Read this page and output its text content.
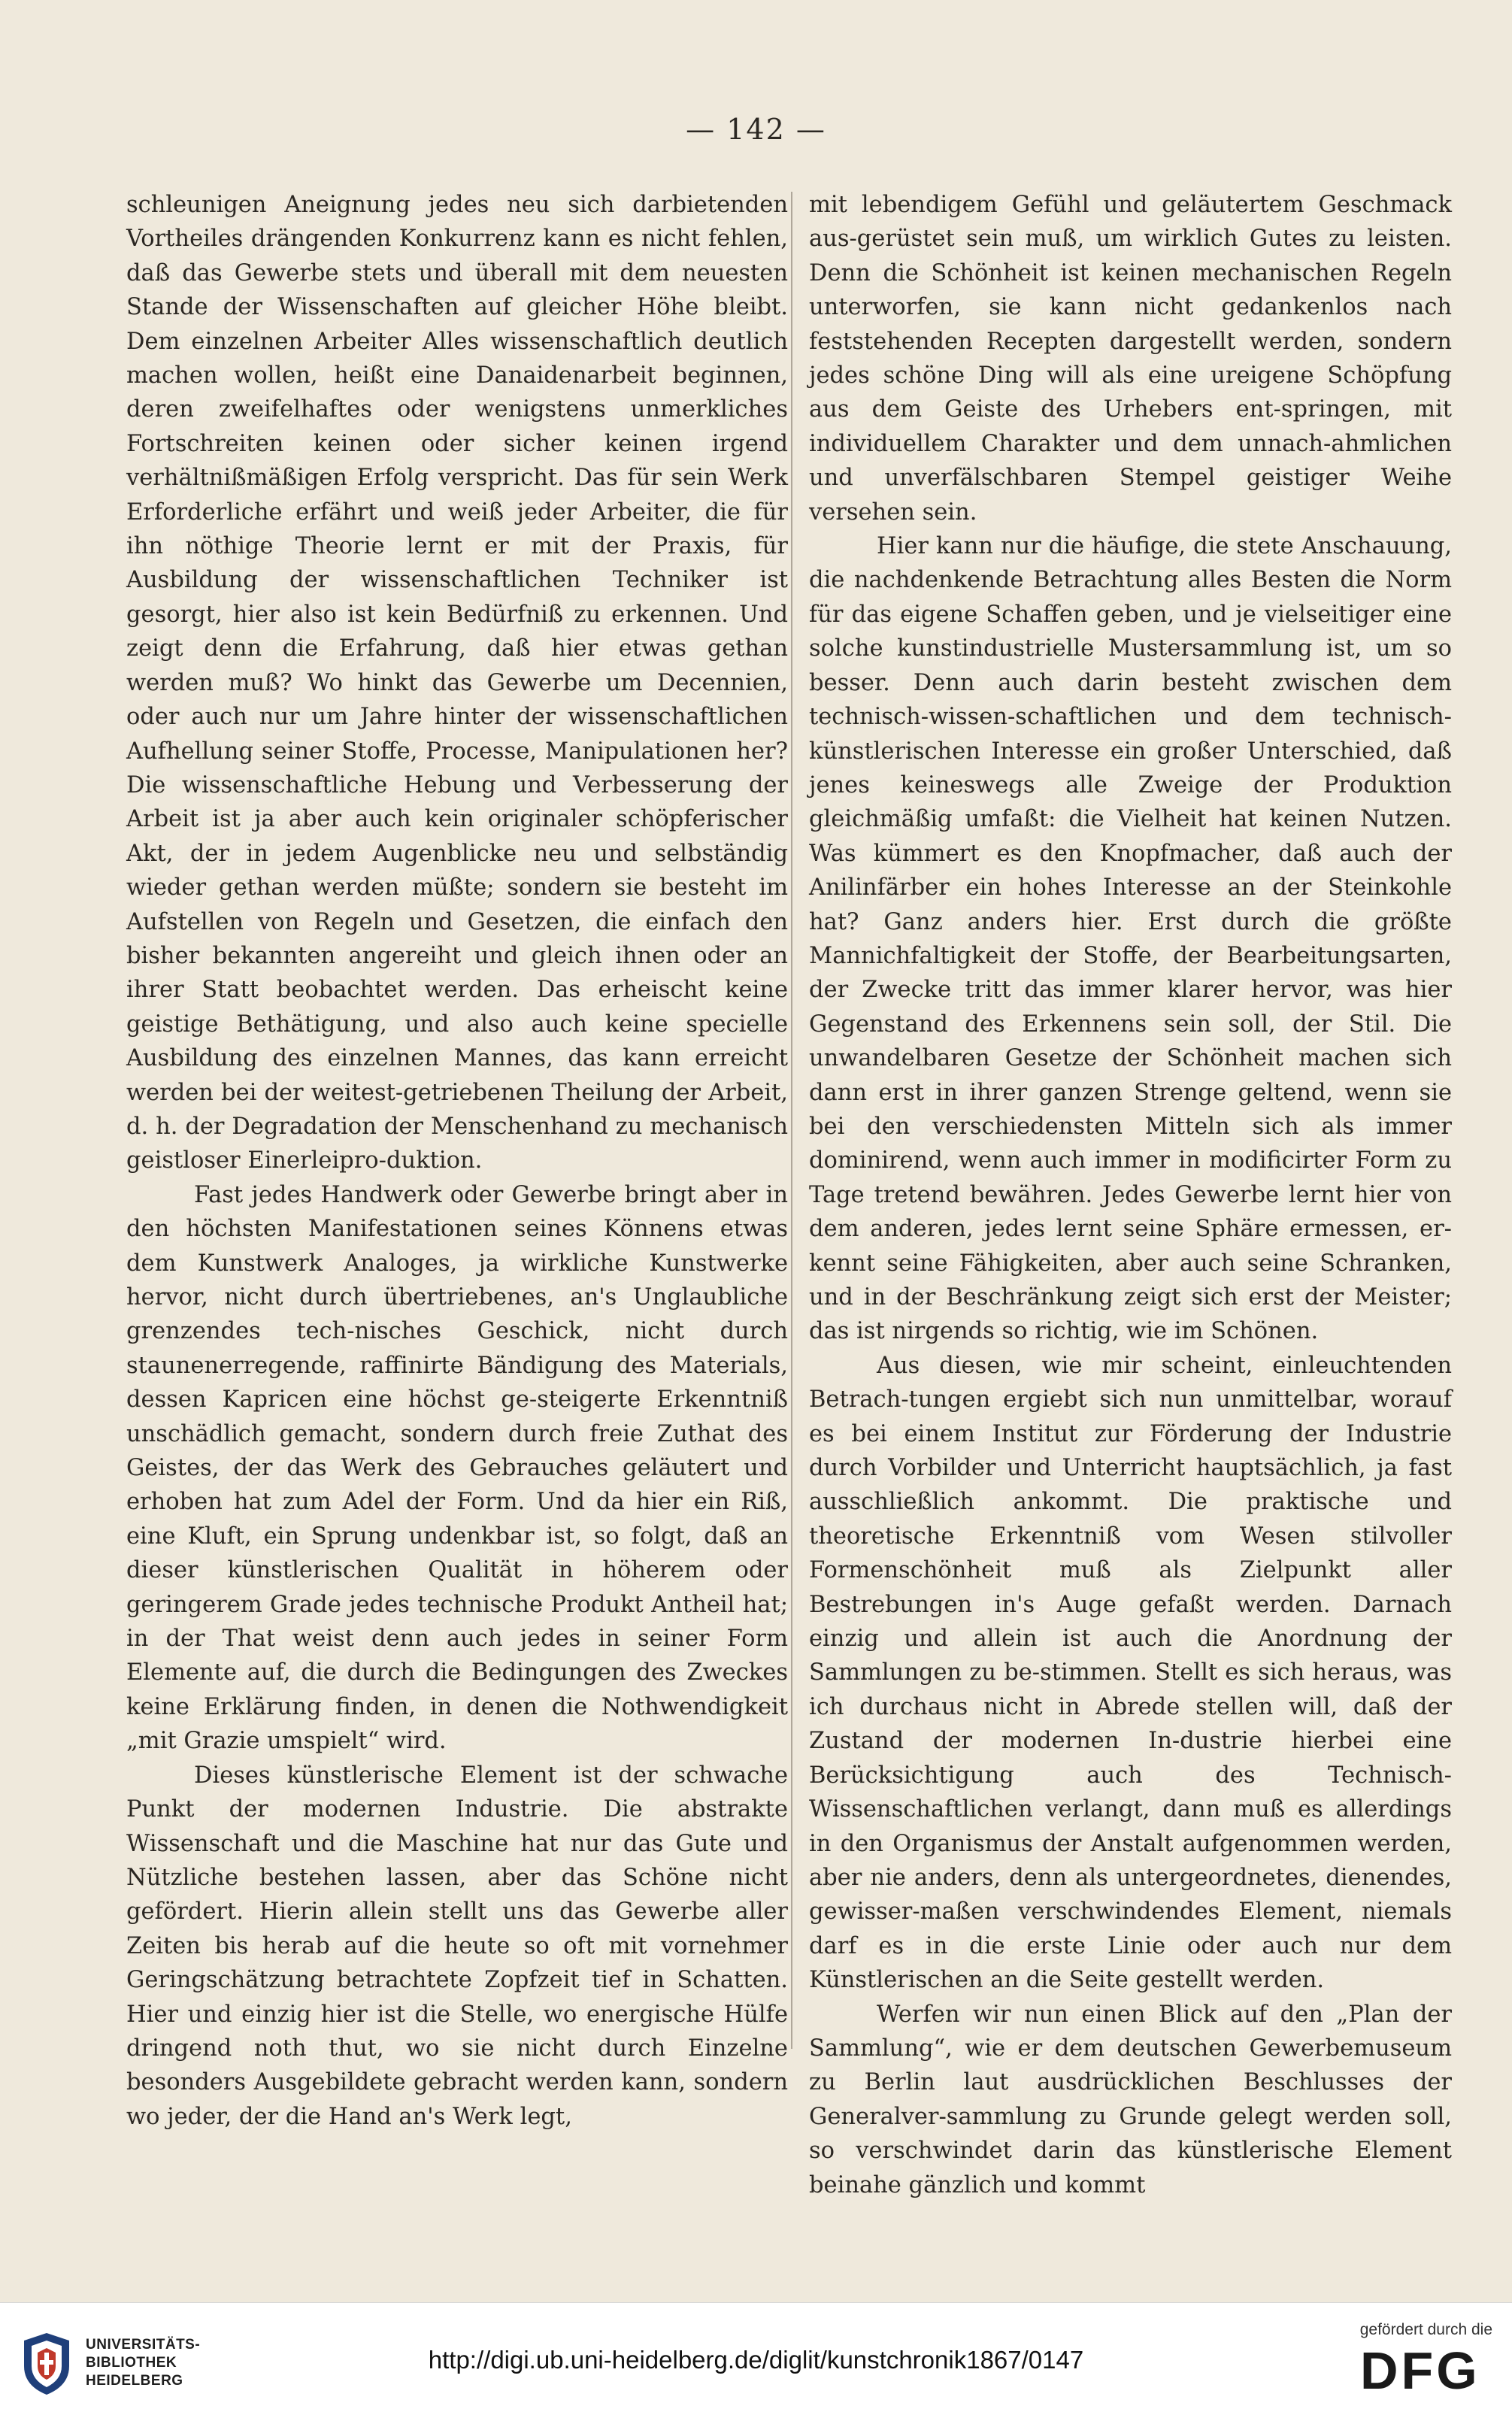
— 142 —

schleunigen Aneignung jedes neu sich darbietenden Vortheiles drängenden Konkurrenz kann es nicht fehlen, daß das Gewerbe stets und überall mit dem neuesten Stande der Wissenschaften auf gleicher Höhe bleibt. Dem einzelnen Arbeiter Alles wissenschaftlich deutlich machen wollen, heißt eine Danaidenarbeit beginnen, deren zweifelhaftes oder wenigstens unmerkliches Fortschreiten keinen oder sicher keinen irgend verhältnißmäßigen Erfolg verspricht. Das für sein Werk Erforderliche erfährt und weiß jeder Arbeiter, die für ihn nöthige Theorie lernt er mit der Praxis, für Ausbildung der wissenschaftlichen Techniker ist gesorgt, hier also ist kein Bedürfniß zu erkennen. Und zeigt denn die Erfahrung, daß hier etwas gethan werden muß? Wo hinkt das Gewerbe um Decennien, oder auch nur um Jahre hinter der wissenschaftlichen Aufhellung seiner Stoffe, Processe, Manipulationen her? Die wissenschaftliche Hebung und Verbesserung der Arbeit ist ja aber auch kein originaler schöpferischer Akt, der in jedem Augenblicke neu und selbständig wieder gethan werden müßte; sondern sie besteht im Aufstellen von Regeln und Gesetzen, die einfach den bisher bekannten angereiht und gleich ihnen oder an ihrer Statt beobachtet werden. Das erheischt keine geistige Bethätigung, und also auch keine specielle Ausbildung des einzelnen Mannes, das kann erreicht werden bei der weitest-getriebenen Theilung der Arbeit, d. h. der Degradation der Menschenhand zu mechanisch geistloser Einerleipro-duktion.

Fast jedes Handwerk oder Gewerbe bringt aber in den höchsten Manifestationen seines Könnens etwas dem Kunstwerk Analoges, ja wirkliche Kunstwerke hervor, nicht durch übertriebenes, an's Unglaubliche grenzendes tech-nisches Geschick, nicht durch staunenerregende, raffinirte Bändigung des Materials, dessen Kapricen eine höchst ge-steigerte Erkenntniß unschädlich gemacht, sondern durch freie Zuthat des Geistes, der das Werk des Gebrauches geläutert und erhoben hat zum Adel der Form. Und da hier ein Riß, eine Kluft, ein Sprung undenkbar ist, so folgt, daß an dieser künstlerischen Qualität in höherem oder geringerem Grade jedes technische Produkt Antheil hat; in der That weist denn auch jedes in seiner Form Elemente auf, die durch die Bedingungen des Zweckes keine Erklärung finden, in denen die Nothwendigkeit „mit Grazie umspielt“ wird.

Dieses künstlerische Element ist der schwache Punkt der modernen Industrie. Die abstrakte Wissenschaft und die Maschine hat nur das Gute und Nützliche bestehen lassen, aber das Schöne nicht gefördert. Hierin allein stellt uns das Gewerbe aller Zeiten bis herab auf die heute so oft mit vornehmer Geringschätzung betrachtete Zopfzeit tief in Schatten. Hier und einzig hier ist die Stelle, wo energische Hülfe dringend noth thut, wo sie nicht durch Einzelne besonders Ausgebildete gebracht werden kann, sondern wo jeder, der die Hand an's Werk legt,

mit lebendigem Gefühl und geläutertem Geschmack aus-gerüstet sein muß, um wirklich Gutes zu leisten. Denn die Schönheit ist keinen mechanischen Regeln unterworfen, sie kann nicht gedankenlos nach feststehenden Recepten dargestellt werden, sondern jedes schöne Ding will als eine ureigene Schöpfung aus dem Geiste des Urhebers ent-springen, mit individuellem Charakter und dem unnach-ahmlichen und unverfälschbaren Stempel geistiger Weihe versehen sein.

Hier kann nur die häufige, die stete Anschauung, die nachdenkende Betrachtung alles Besten die Norm für das eigene Schaffen geben, und je vielseitiger eine solche kunstindustrielle Mustersammlung ist, um so besser. Denn auch darin besteht zwischen dem technisch-wissen-schaftlichen und dem technisch-künstlerischen Interesse ein großer Unterschied, daß jenes keineswegs alle Zweige der Produktion gleichmäßig umfaßt: die Vielheit hat keinen Nutzen. Was kümmert es den Knopfmacher, daß auch der Anilinfärber ein hohes Interesse an der Steinkohle hat? Ganz anders hier. Erst durch die größte Mannichfaltigkeit der Stoffe, der Bearbeitungsarten, der Zwecke tritt das immer klarer hervor, was hier Gegenstand des Erkennens sein soll, der Stil. Die unwandelbaren Gesetze der Schönheit machen sich dann erst in ihrer ganzen Strenge geltend, wenn sie bei den verschiedensten Mitteln sich als immer dominirend, wenn auch immer in modificirter Form zu Tage tretend bewähren. Jedes Gewerbe lernt hier von dem anderen, jedes lernt seine Sphäre ermessen, er-kennt seine Fähigkeiten, aber auch seine Schranken, und in der Beschränkung zeigt sich erst der Meister; das ist nirgends so richtig, wie im Schönen.

Aus diesen, wie mir scheint, einleuchtenden Betrach-tungen ergiebt sich nun unmittelbar, worauf es bei einem Institut zur Förderung der Industrie durch Vorbilder und Unterricht hauptsächlich, ja fast ausschließlich ankommt. Die praktische und theoretische Erkenntniß vom Wesen stilvoller Formenschönheit muß als Zielpunkt aller Bestrebungen in's Auge gefaßt werden. Darnach einzig und allein ist auch die Anordnung der Sammlungen zu be-stimmen. Stellt es sich heraus, was ich durchaus nicht in Abrede stellen will, daß der Zustand der modernen In-dustrie hierbei eine Berücksichtigung auch des Technisch-Wissenschaftlichen verlangt, dann muß es allerdings in den Organismus der Anstalt aufgenommen werden, aber nie anders, denn als untergeordnetes, dienendes, gewisser-maßen verschwindendes Element, niemals darf es in die erste Linie oder auch nur dem Künstlerischen an die Seite gestellt werden.

Werfen wir nun einen Blick auf den „Plan der Sammlung“, wie er dem deutschen Gewerbemuseum zu Berlin laut ausdrücklichen Beschlusses der Generalver-sammlung zu Grunde gelegt werden soll, so verschwindet darin das künstlerische Element beinahe gänzlich und kommt

UNIVERSITÄTS-
BIBLIOTHEK
HEIDELBERG
http://digi.ub.uni-heidelberg.de/diglit/kunstchronik1867/0147
gefördert durch die
DFG
